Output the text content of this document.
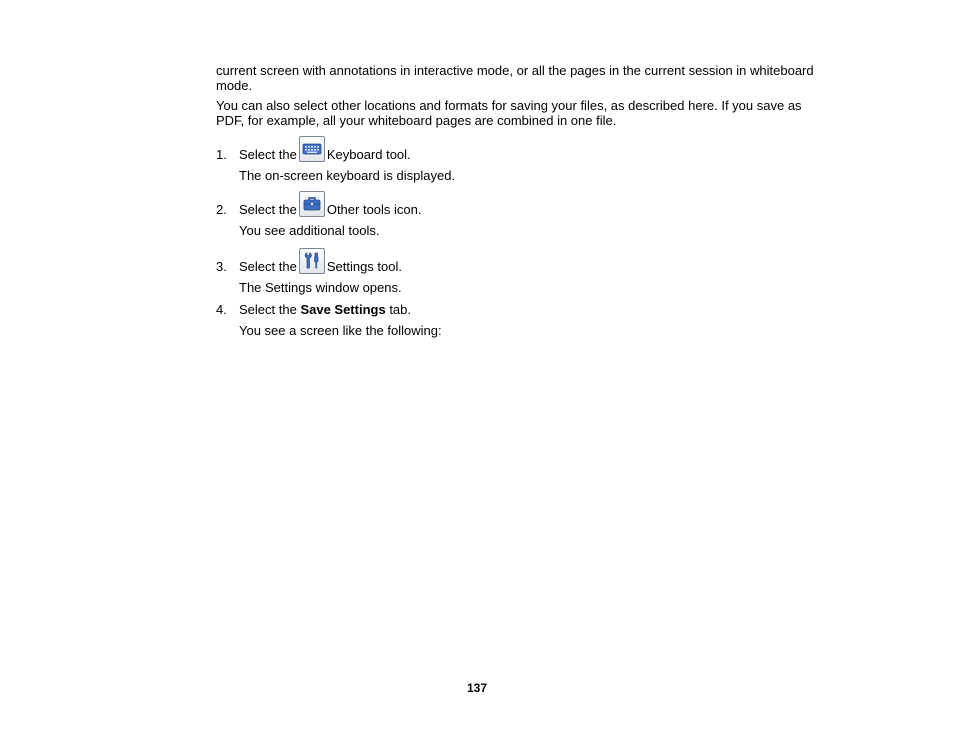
current screen with annotations in interactive mode, or all the pages in the current session in whiteboard mode.

You can also select other locations and formats for saving your files, as described here. If you save as PDF, for example, all your whiteboard pages are combined in one file.

1. Select the Keyboard tool.
The on-screen keyboard is displayed.
2. Select the Other tools icon.
You see additional tools.
3. Select the Settings tool.
The Settings window opens.
4. Select the Save Settings tab.
You see a screen like the following:
137
